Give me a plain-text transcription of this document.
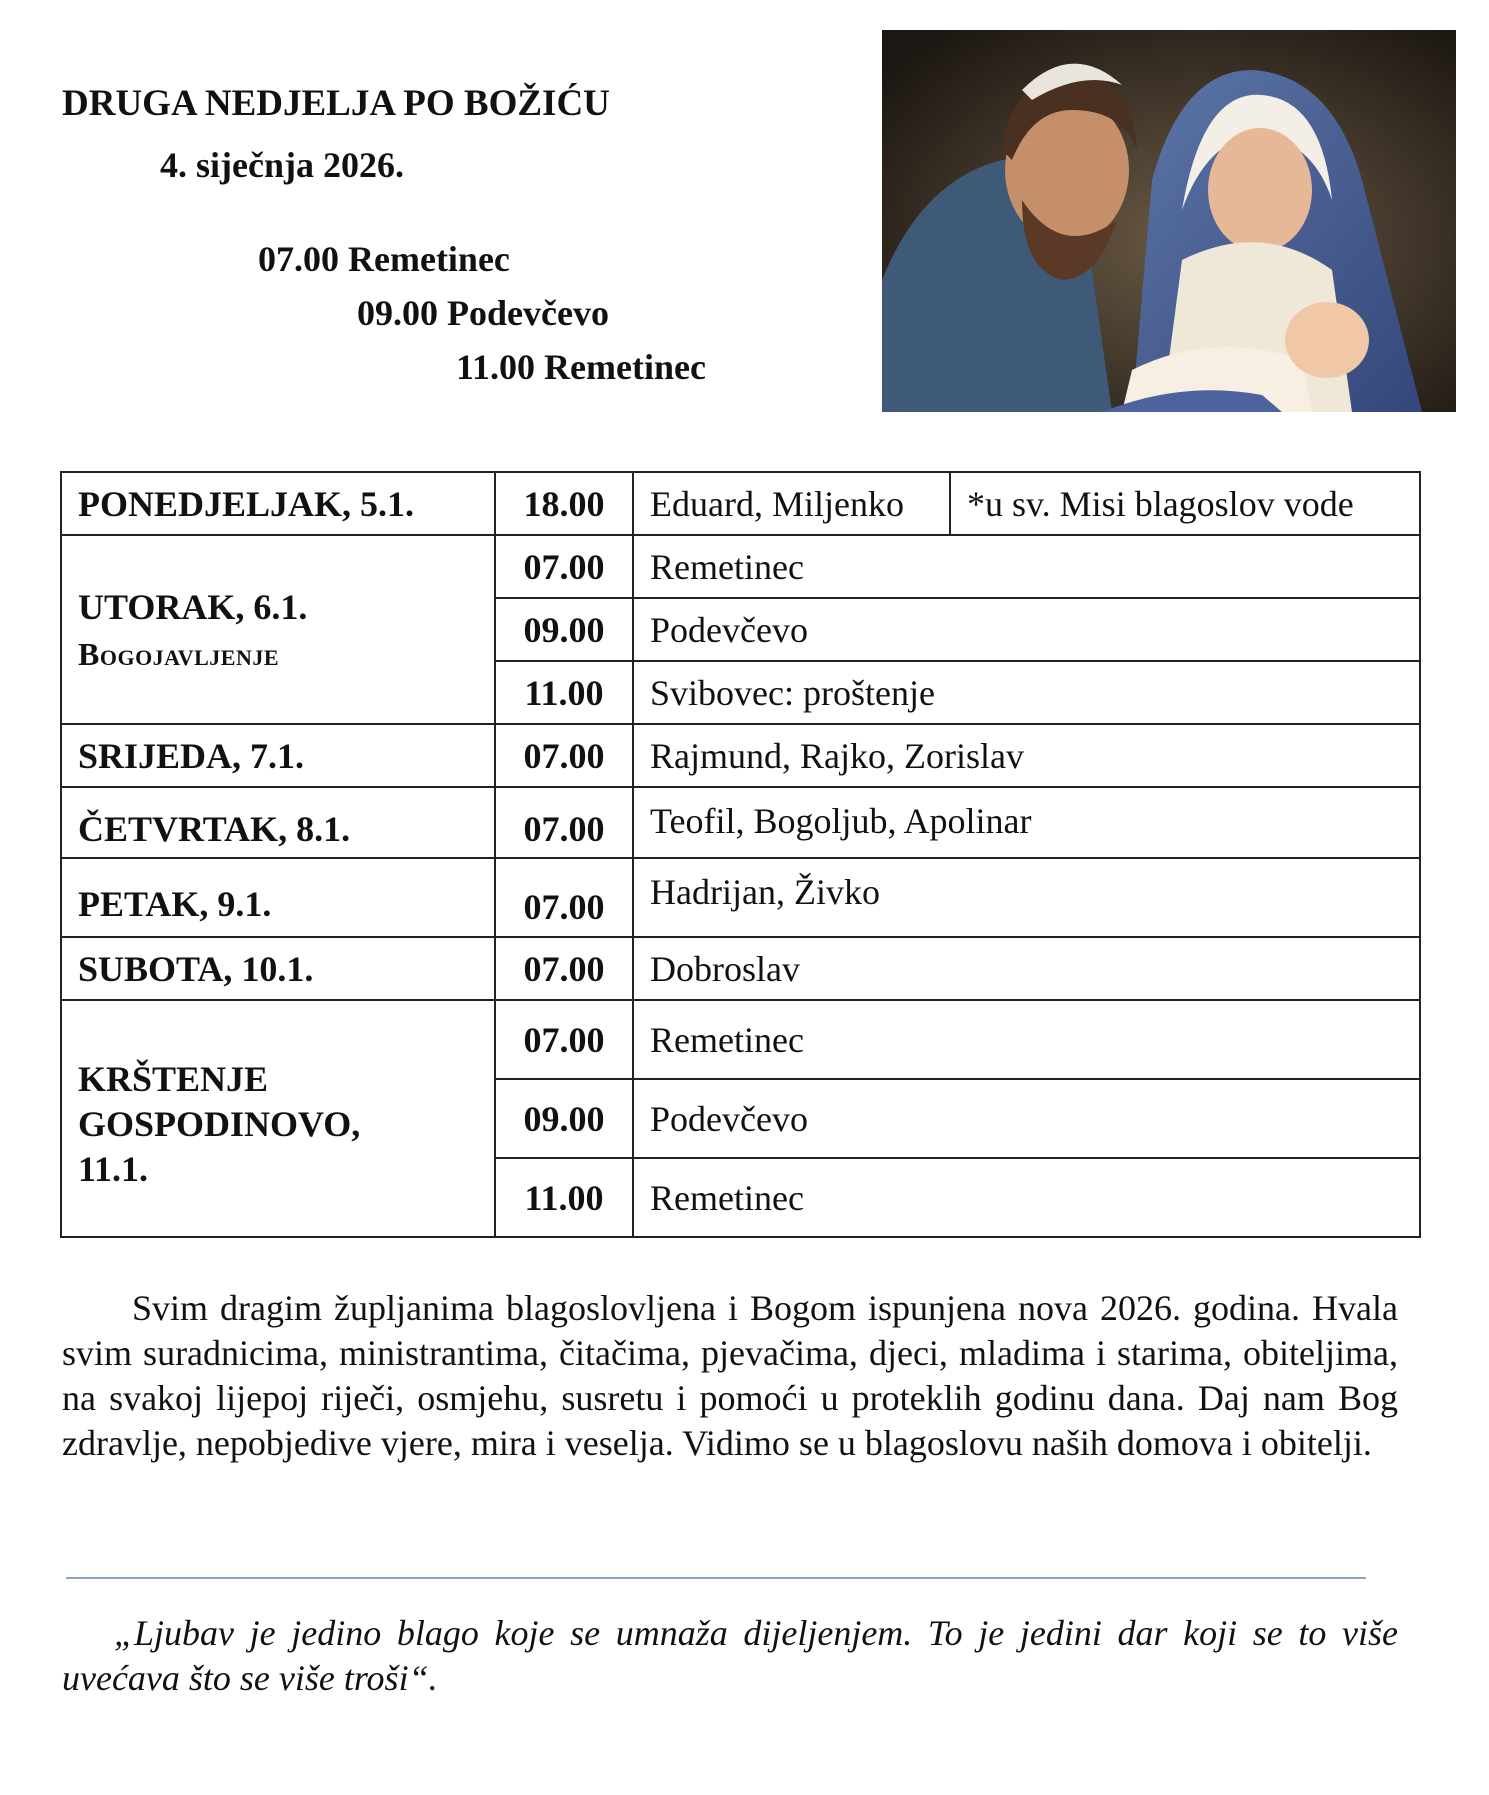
DRUGA NEDJELJA PO BOŽIĆU
4. siječnja 2026.
07.00 Remetinec
09.00 Podevčevo
11.00 Remetinec
PONEDJELJAK, 5.1.	18.00	Eduard, Miljenko	*u sv. Misi blagoslov vode
UTORAK, 6.1.
Bogojavljenje	07.00	Remetinec	
	09.00	Podevčevo	
	11.00	Svibovec: proštenje	
SRIJEDA, 7.1.	07.00	Rajmund, Rajko, Zorislav	
ČETVRTAK, 8.1.	07.00	Teofil, Bogoljub, Apolinar	
PETAK, 9.1.	07.00	Hadrijan, Živko	
SUBOTA, 10.1.	07.00	Dobroslav	

KRŠTENJE GOSPODINOVO, 11.1.	07.00	Remetinec	
	09.00	Podevčevo	
	11.00	Remetinec	

Svim dragim župljanima blagoslovljena i Bogom ispunjena nova 2026. godina. Hvala svim suradnicima, ministrantima, čitačima, pjevačima, djeci, mladima i starima, obiteljima, na svakoj lijepoj riječi, osmjehu, susretu i pomoći u proteklih godinu dana. Daj nam Bog zdravlje, nepobjedive vjere, mira i veselja. Vidimo se u blagoslovu naših domova i obitelji.

„Ljubav je jedino blago koje se umnaža dijeljenjem. To je jedini dar koji se to više uvećava što se više troši“.
